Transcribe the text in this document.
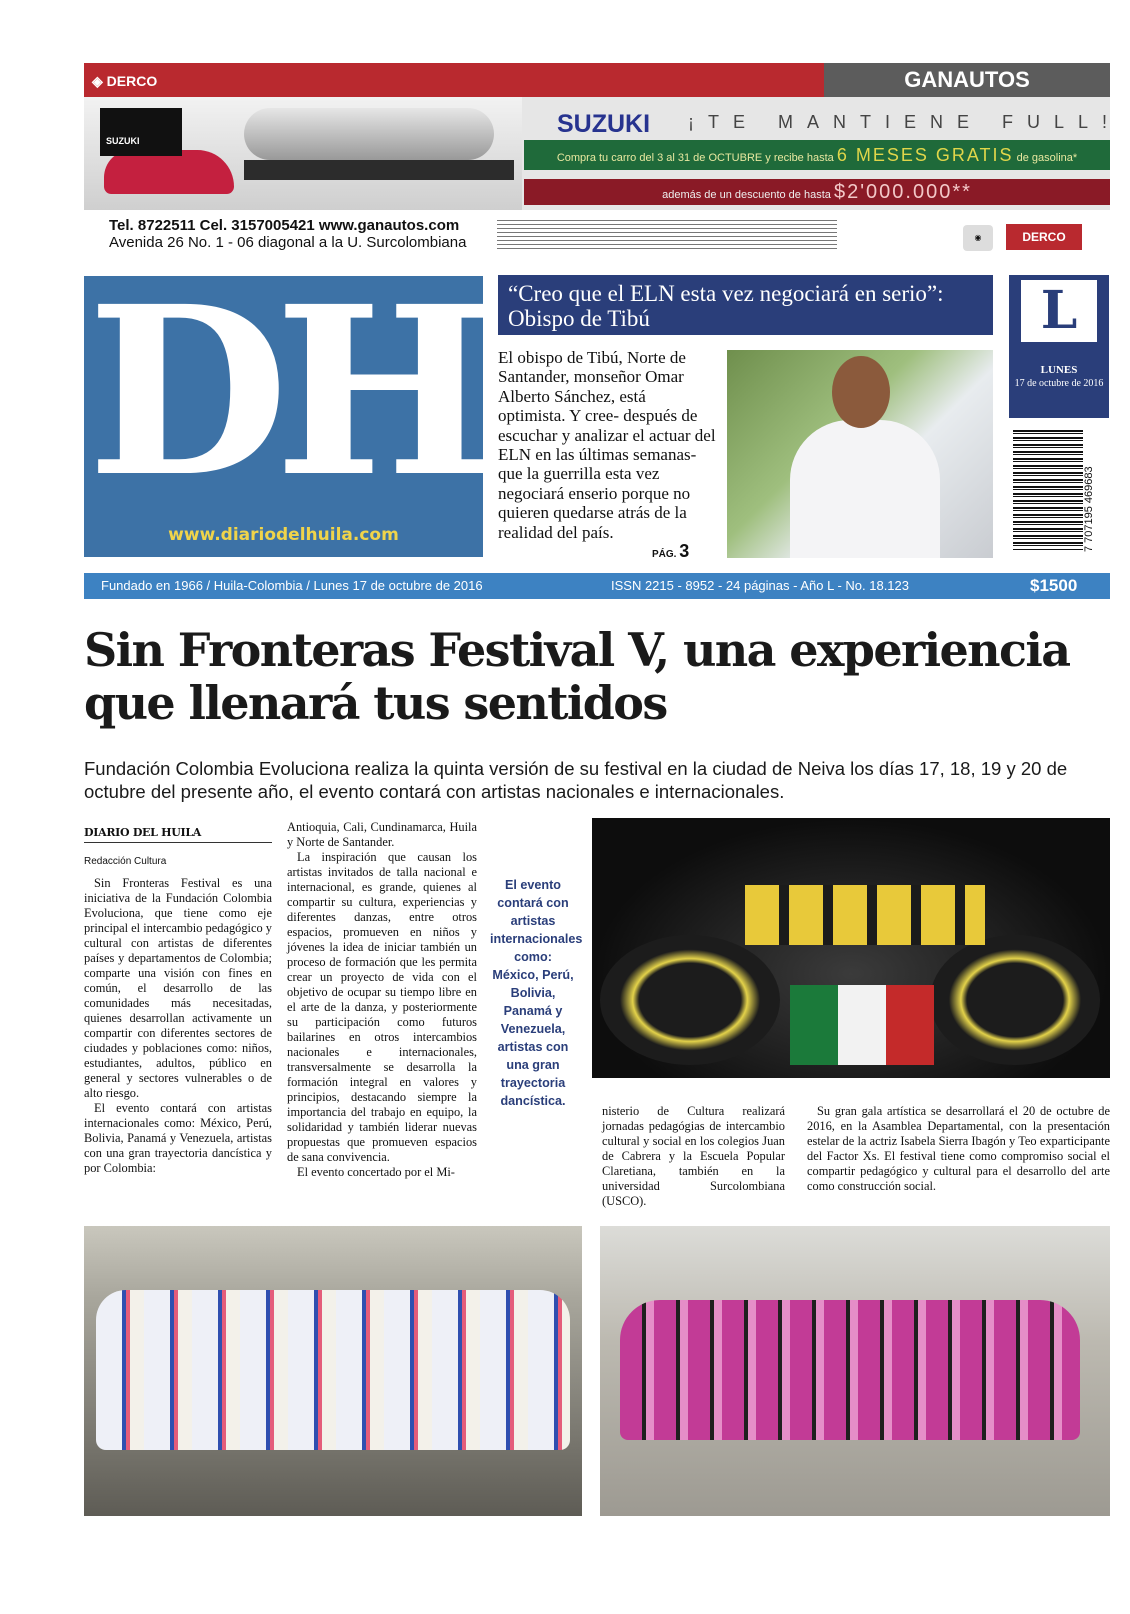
◈ DERCO	GANAUTOS
SUZUKI
SUZUKI ¡TE MANTIENE FULL!
Compra tu carro del 3 al 31 de OCTUBRE y recibe hasta 6 MESES GRATIS de gasolina*
además de un descuento de hasta $2'000.000**
Tel. 8722511 Cel. 3157005421 www.ganautos.com
Avenida 26 No. 1 - 06 diagonal a la U. Surcolombiana	◉	DERCO
DH
www.diariodelhuila.com
“Creo que el ELN esta vez negociará en serio”: Obispo de Tibú
El obispo de Tibú, Norte de Santander, monseñor Omar Alberto Sánchez, está optimista. Y cree- después de escuchar y analizar el actuar del ELN en las últimas semanas- que la guerrilla esta vez negociará enserio porque no quieren quedarse atrás de la realidad del país.
PÁG. 3
L
LUNES
17 de octubre de 2016
7 707195 469683
Fundado en 1966 / Huila-Colombia / Lunes 17 de octubre de 2016	ISSN 2215 - 8952 - 24 páginas - Año L - No. 18.123	$1500
Sin Fronteras Festival V, una experiencia que llenará tus sentidos
Fundación Colombia Evoluciona realiza la quinta versión de su festival en la ciudad de Neiva los días 17, 18, 19 y 20 de octubre del presente año, el evento contará con artistas nacionales e internacionales.
DIARIO DEL HUILA
Redacción Cultura

Sin Fronteras Festival es una iniciativa de la Fundación Colombia Evoluciona, que tiene como eje principal el intercambio pedagógico y cultural con artistas de diferentes países y departamentos de Colombia; comparte una visión con fines en común, el desarrollo de las comunidades más necesitadas, quienes desarrollan activamente un compartir con diferentes sectores de ciudades y poblaciones como: niños, estudiantes, adultos, público en general y sectores vulnerables o de alto riesgo.

El evento contará con artistas internacionales como: México, Perú, Bolivia, Panamá y Venezuela, artistas con una gran trayectoria dancística y por Colombia:

Antioquia, Cali, Cundinamarca, Huila y Norte de Santander.

La inspiración que causan los artistas invitados de talla nacional e internacional, es grande, quienes al compartir su cultura, experiencias y diferentes danzas, entre otros espacios, promueven en niños y jóvenes la idea de iniciar también un proceso de formación que les permita crear un proyecto de vida con el objetivo de ocupar su tiempo libre en el arte de la danza, y posteriormente su participación como futuros bailarines en otros intercambios nacionales e internacionales, transversalmente se desarrolla la formación integral en valores y principios, destacando siempre la importancia del trabajo en equipo, la solidaridad y también liderar nuevas propuestas que promueven espacios de sana convivencia.

El evento concertado por el Mi-

El evento contará con artistas internacionales como: México, Perú, Bolivia, Panamá y Venezuela, artistas con una gran trayectoria dancística.

nisterio de Cultura realizará jornadas pedagógias de intercambio cultural y social en los colegios Juan de Cabrera y la Escuela Popular Claretiana, también en la universidad Surcolombiana (USCO).

Su gran gala artística se desarrollará el 20 de octubre de 2016, en la Asamblea Departamental, con la presentación estelar de la actriz Isabela Sierra Ibagón y Teo exparticipante del Factor Xs. El festival tiene como compromiso social el compartir pedagógico y cultural para el desarrollo del arte como construcción social.
